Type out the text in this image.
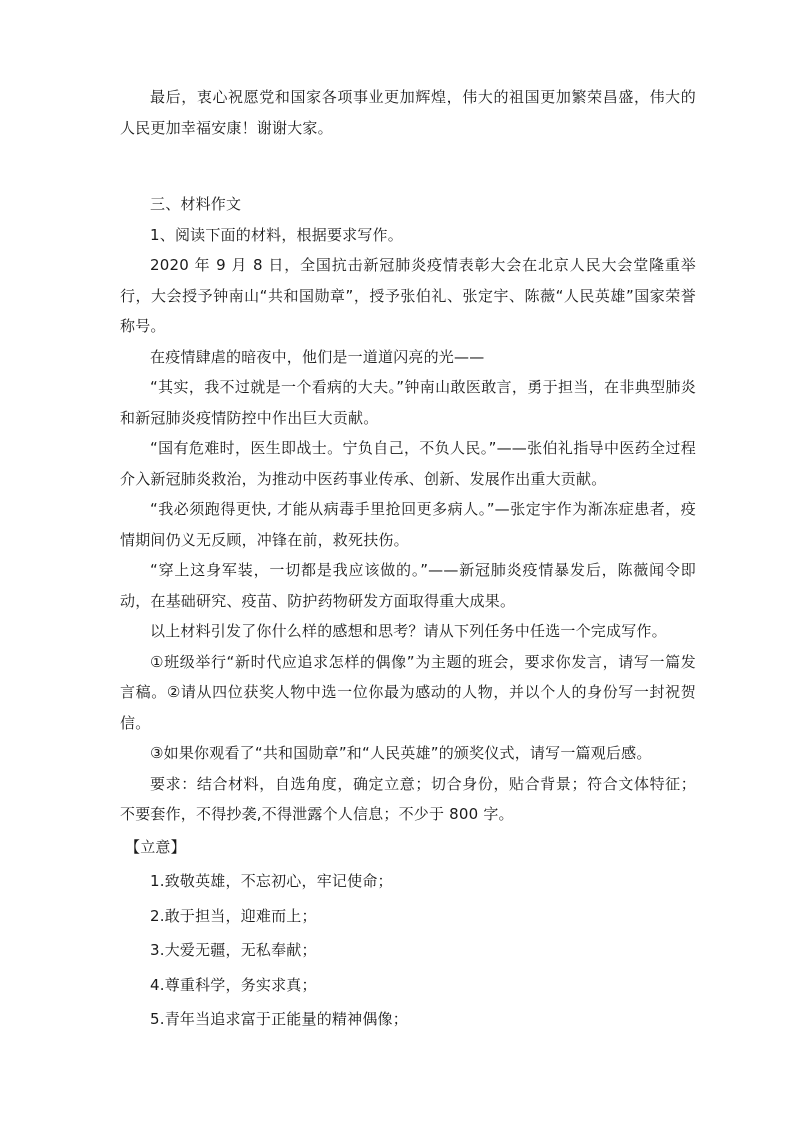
最后，衷心祝愿党和国家各项事业更加辉煌，伟大的祖国更加繁荣昌盛，伟大的人民更加幸福安康！谢谢大家。

三、材料作文

1、阅读下面的材料，根据要求写作。

2020 年 9 月 8 日，全国抗击新冠肺炎疫情表彰大会在北京人民大会堂隆重举行，大会授予钟南山“共和国勋章”，授予张伯礼、张定宇、陈薇“人民英雄”国家荣誉称号。

在疫情肆虐的暗夜中，他们是一道道闪亮的光——

“其实，我不过就是一个看病的大夫。”钟南山敢医敢言，勇于担当，在非典型肺炎和新冠肺炎疫情防控中作出巨大贡献。

“国有危难时，医生即战士。宁负自己，不负人民。”——张伯礼指导中医药全过程介入新冠肺炎救治，为推动中医药事业传承、创新、发展作出重大贡献。

“我必须跑得更快, 才能从病毒手里抢回更多病人。”—张定宇作为渐冻症患者，疫情期间仍义无反顾，冲锋在前，救死扶伤。

“穿上这身军装，一切都是我应该做的。”——新冠肺炎疫情暴发后，陈薇闻令即动，在基础研究、疫苗、防护药物研发方面取得重大成果。

以上材料引发了你什么样的感想和思考？请从下列任务中任选一个完成写作。

①班级举行“新时代应追求怎样的偶像”为主题的班会，要求你发言，请写一篇发言稿。②请从四位获奖人物中选一位你最为感动的人物，并以个人的身份写一封祝贺信。

③如果你观看了“共和国勋章”和“人民英雄”的颁奖仪式，请写一篇观后感。

要求：结合材料，自选角度，确定立意；切合身份，贴合背景；符合文体特征；不要套作，不得抄袭,不得泄露个人信息；不少于 800 字。

【立意】

1.致敬英雄，不忘初心，牢记使命；

2.敢于担当，迎难而上；

3.大爱无疆，无私奉献；

4.尊重科学，务实求真；

5.青年当追求富于正能量的精神偶像；
